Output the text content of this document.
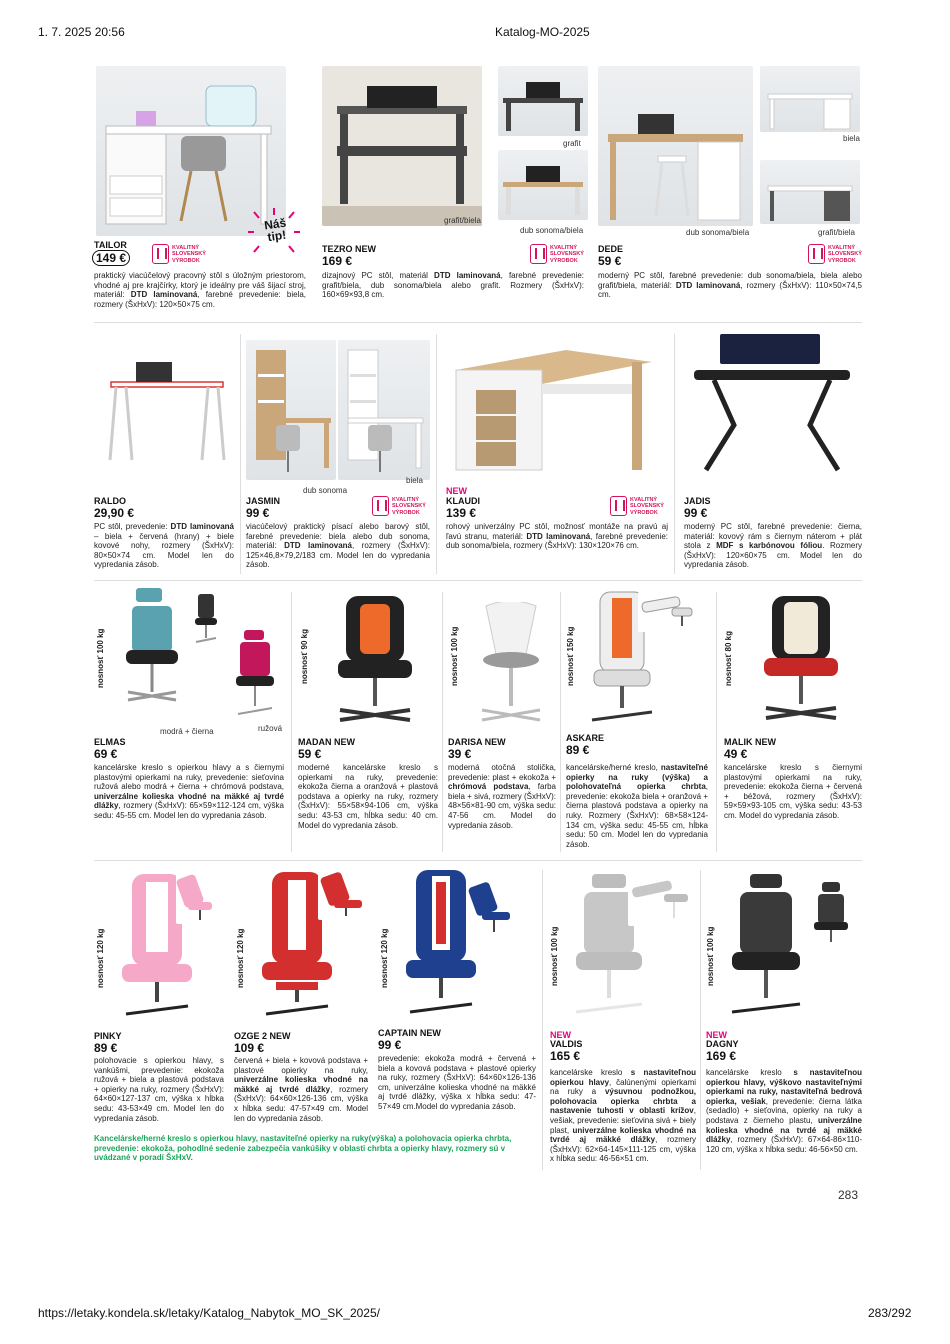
1. 7. 2025 20:56	Katalog-MO-2025
Náš tip!
TAILOR
149 €
KVALITNÝ
SLOVENSKÝ
VÝROBOK
praktický viacúčelový pracovný stôl s úložným priestorom, vhodné aj pre krajčírky, ktorý je ideálny pre váš šijací stroj, materiál: DTD laminovaná, farebné prevedenie: biela, rozmery (ŠxHxV): 120×50×75 cm.
grafit/biela
grafit
dub sonoma/biela
TEZRO NEW
169 €
KVALITNÝ
SLOVENSKÝ
VÝROBOK
dizajnový PC stôl, materiál DTD laminovaná, farebné prevedenie: grafit/biela, dub sonoma/biela alebo grafit. Rozmery (ŠxHxV): 160×69×93,8 cm.
dub sonoma/biela
biela
grafit/biela
DEDE
59 €
KVALITNÝ
SLOVENSKÝ
VÝROBOK
moderný PC stôl, farebné prevedenie: dub sonoma/biela, biela alebo grafit/biela, materiál: DTD laminovaná, rozmery (ŠxHxV): 110×50×74,5 cm.
RALDO
29,90 €
PC stôl, prevedenie: DTD laminovaná – biela + červená (hrany) + biele kovové nohy, rozmery (ŠxHxV): 80×50×74 cm. Model len do vypredania zásob.
dub sonoma
biela
JASMIN
99 €
KVALITNÝ
SLOVENSKÝ
VÝROBOK
viacúčelový praktický písací alebo barový stôl, farebné prevedenie: biela alebo dub sonoma, materiál: DTD laminovaná, rozmery (ŠxHxV): 125×46,8×79,2/183 cm. Model len do vypredania zásob.
NEW
KLAUDI
139 €
KVALITNÝ
SLOVENSKÝ
VÝROBOK
rohový univerzálny PC stôl, možnosť montáže na pravú aj ľavú stranu, materiál: DTD laminovaná, farebné prevedenie: dub sonoma/biela, rozmery (ŠxHxV): 130×120×76 cm.
JADIS
99 €
moderný PC stôl, farebné prevedenie: čierna, materiál: kovový rám s čiernym náterom + plát stola z MDF s karbónovou fóliou. Rozmery (ŠxHxV): 120×60×75 cm. Model len do vypredania zásob.
nosnosť 100 kg
modrá + čierna	ružová
ELMAS
69 €
kancelárske kreslo s opierkou hlavy a s čiernymi plastovými opierkami na ruky, prevedenie: sieťovina ružová alebo modrá + čierna + chrómová podstava, univerzálne kolieska vhodné na mäkké aj tvrdé dlážky, rozmery (ŠxHxV): 65×59×112-124 cm, výška sedu: 45-55 cm. Model len do vypredania zásob.
nosnosť 90 kg
MADAN NEW
59 €
moderné kancelárske kreslo s opierkami na ruky, prevedenie: ekokoža čierna a oranžová + plastová podstava a opierky na ruky, rozmery (ŠxHxV): 55×58×94-106 cm, výška sedu: 43-53 cm, hĺbka sedu: 40 cm. Model do vypredania zásob.
nosnosť 100 kg
DARISA NEW
39 €
moderná otočná stolička, prevedenie: plast + ekokoža + chrómová podstava, farba biela + sivá, rozmery (ŠxHxV): 48×56×81-90 cm, výška sedu: 47-56 cm. Model do vypredania zásob.
nosnosť 150 kg
ASKARE
89 €
kancelárske/herné kreslo, nastaviteľné opierky na ruky (výška) a polohovateľná opierka chrbta, prevedenie: ekokoža biela + oranžová + čierna plastová podstava a opierky na ruky. Rozmery (ŠxHxV): 68×58×124-134 cm, výška sedu: 45-55 cm, hĺbka sedu: 50 cm. Model len do vypredania zásob.
nosnosť 80 kg
MALIK NEW
49 €
kancelárske kreslo s čiernymi plastovými opierkami na ruky, prevedenie: ekokoža čierna + červená + béžová, rozmery (ŠxHxV): 59×59×93-105 cm, výška sedu: 43-53 cm. Model do vypredania zásob.
nosnosť 120 kg
PINKY
89 €
polohovacie s opierkou hlavy, s vankúšmi, prevedenie: ekokoža ružová + biela a plastová podstava + opierky na ruky, rozmery (ŠxHxV): 64×60×127-137 cm, výška x hĺbka sedu: 43-53×49 cm. Model len do vypredania zásob.
nosnosť 120 kg
OZGE 2 NEW
109 €
červená + biela + kovová podstava + plastové opierky na ruky, univerzálne kolieska vhodné na mäkké aj tvrdé dlážky, rozmery (ŠxHxV): 64×60×126-136 cm, výška x hĺbka sedu: 47-57×49 cm. Model len do vypredania zásob.
nosnosť 120 kg
CAPTAIN NEW
99 €
prevedenie: ekokoža modrá + červená + biela a kovová podstava + plastové opierky na ruky, rozmery (ŠxHxV): 64×60×126-136 cm, univerzálne kolieska vhodné na mäkké aj tvrdé dlážky, výška x hĺbka sedu: 47-57×49 cm.Model do vypredania zásob.
nosnosť 100 kg
NEW
VALDIS
165 €
kancelárske kreslo s nastaviteľnou opierkou hlavy, čalúnenými opierkami na ruky a výsuvnou podnožkou, polohovacia opierka chrbta a nastavenie tuhosti v oblasti krížov, vešiak, prevedenie: sieťovina sivá + biely plast, univerzálne kolieska vhodné na tvrdé aj mäkké dlážky, rozmery (ŠxHxV): 62×64-145×111-125 cm, výška x hĺbka sedu: 46-56×51 cm.
nosnosť 100 kg
NEW
DAGNY
169 €
kancelárske kreslo s nastaviteľnou opierkou hlavy, výškovo nastaviteľnými opierkami na ruky, nastaviteľná bedrová opierka, vešiak, prevedenie: čierna látka (sedadlo) + sieťovina, opierky na ruky a podstava z čierneho plastu, univerzálne kolieska vhodné na tvrdé aj mäkké dlážky, rozmery (ŠxHxV): 67×64-86×110-120 cm, výška x hĺbka sedu: 46-56×50 cm.
Kancelárske/herné kreslo s opierkou hlavy, nastaviteľné opierky na ruky(výška) a polohovacia opierka chrbta, prevedenie: ekokoža, pohodlné sedenie zabezpečia vankúšiky v oblasti chrbta a opierky hlavy, rozmery sú v uvádzané v poradí ŠxHxV.
283
https://letaky.kondela.sk/letaky/Katalog_Nabytok_MO_SK_2025/	283/292
